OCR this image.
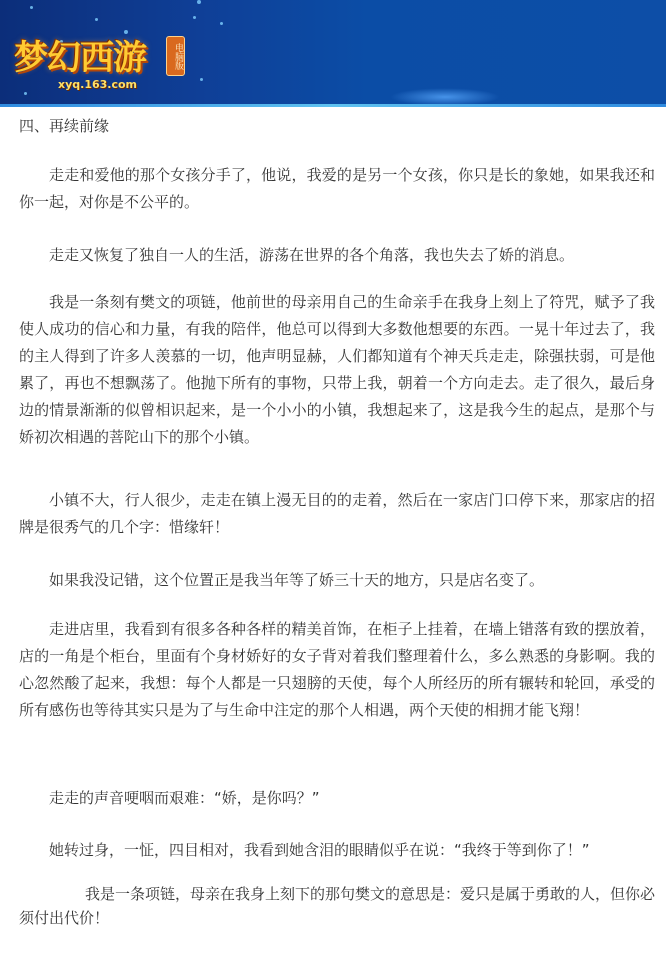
梦幻西游	电脑版
xyq.163.com
四、再续前缘

走走和爱他的那个女孩分手了，他说，我爱的是另一个女孩，你只是长的象她，如果我还和你一起，对你是不公平的。

走走又恢复了独自一人的生活，游荡在世界的各个角落，我也失去了娇的消息。

我是一条刻有樊文的项链，他前世的母亲用自己的生命亲手在我身上刻上了符咒，赋予了我使人成功的信心和力量，有我的陪伴，他总可以得到大多数他想要的东西。一晃十年过去了，我的主人得到了许多人羡慕的一切，他声明显赫，人们都知道有个神天兵走走，除强扶弱，可是他累了，再也不想飘荡了。他抛下所有的事物，只带上我，朝着一个方向走去。走了很久，最后身边的情景渐渐的似曾相识起来，是一个小小的小镇，我想起来了，这是我今生的起点，是那个与娇初次相遇的菩陀山下的那个小镇。

小镇不大，行人很少，走走在镇上漫无目的的走着，然后在一家店门口停下来，那家店的招牌是很秀气的几个字：惜缘轩！

如果我没记错，这个位置正是我当年等了娇三十天的地方，只是店名变了。

走进店里，我看到有很多各种各样的精美首饰，在柜子上挂着，在墙上错落有致的摆放着，店的一角是个柜台，里面有个身材娇好的女子背对着我们整理着什么，多么熟悉的身影啊。我的心忽然酸了起来，我想：每个人都是一只翅膀的天使，每个人所经历的所有辗转和轮回，承受的所有感伤也等待其实只是为了与生命中注定的那个人相遇，两个天使的相拥才能飞翔！

走走的声音哽咽而艰难：“娇，是你吗？”

她转过身，一怔，四目相对，我看到她含泪的眼睛似乎在说：“我终于等到你了！”

我是一条项链，母亲在我身上刻下的那句樊文的意思是：爱只是属于勇敢的人，但你必须付出代价！
